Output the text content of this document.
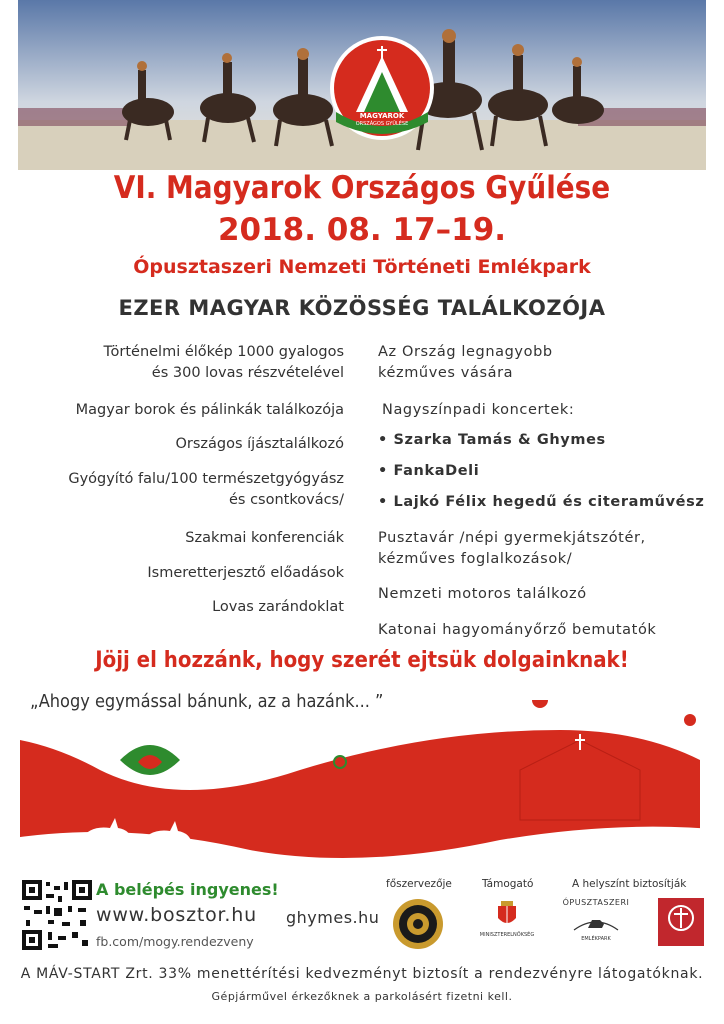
MAGYAROK
ORSZÁGOS GYŰLÉSE
VI. Magyarok Országos Gyűlése
2018. 08. 17–19.
Ópusztaszeri Nemzeti Történeti Emlékpark
EZER MAGYAR KÖZÖSSÉG TALÁLKOZÓJA
Történelmi élőkép 1000 gyalogos
és 300 lovas részvételével
Magyar borok és pálinkák találkozója
Országos íjásztalálkozó
Gyógyító falu/100 természetgyógyász
és csontkovács/
Szakmai konferenciák
Ismeretterjesztő előadások
Lovas zarándoklat
Az Ország legnagyobb
kézműves vására
Nagyszínpadi koncertek:
• Szarka Tamás & Ghymes
• FankaDeli
• Lajkó Félix hegedű és citeraművész
Pusztavár /népi gyermekjátszótér,
kézműves foglalkozások/
Nemzeti motoros találkozó
Katonai hagyományőrző bemutatók
Jöjj el hozzánk, hogy szerét ejtsük dolgainknak!
„Ahogy egymással bánunk, az a hazánk... ”
A belépés ingyenes!
www.bosztor.hu
fb.com/mogy.rendezveny
ghymes.hu
főszervezője	Támogató	A helyszínt biztosítják
MINISZTERELNÖKSÉG
ÓPUSZTASZERI
EMLÉKPARK
A MÁV-START Zrt. 33% menettérítési kedvezményt biztosít a rendezvényre látogatóknak.
Gépjárművel érkezőknek a parkolásért fizetni kell.
